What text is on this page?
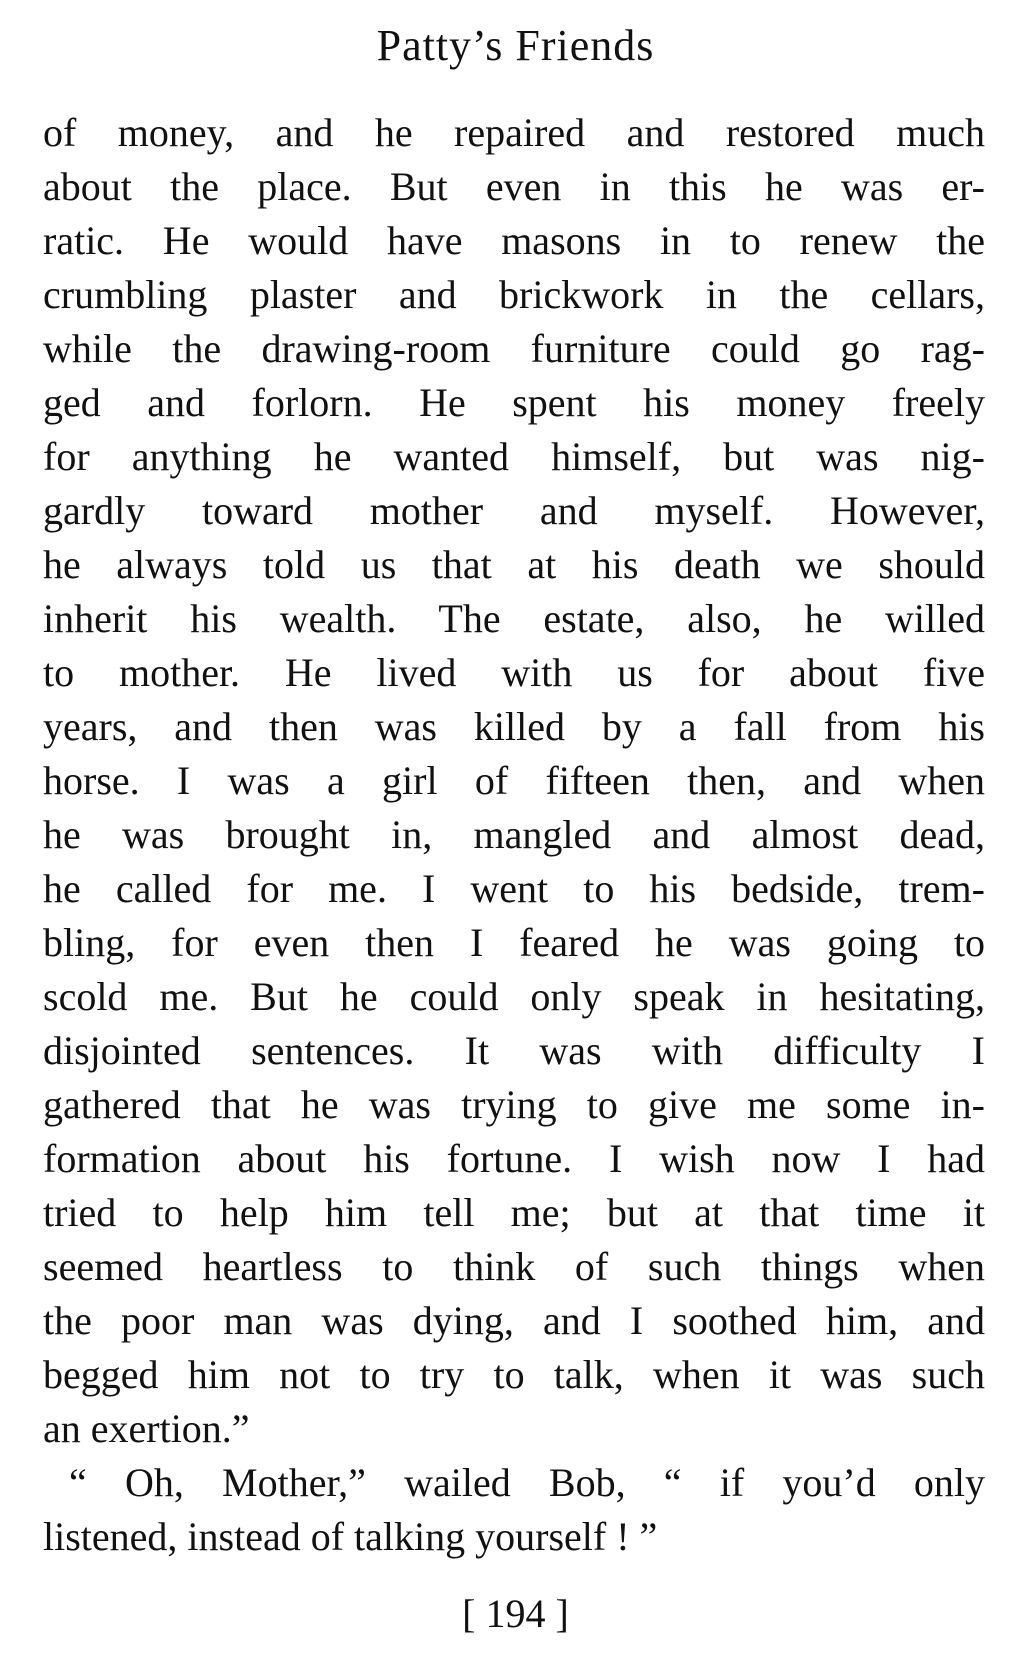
Patty’s Friends
of money, and he repaired and restored much
about the place. But even in this he was er-
ratic. He would have masons in to renew the
crumbling plaster and brickwork in the cellars,
while the drawing-room furniture could go rag-
ged and forlorn. He spent his money freely
for anything he wanted himself, but was nig-
gardly toward mother and myself. However,
he always told us that at his death we should
inherit his wealth. The estate, also, he willed
to mother. He lived with us for about five
years, and then was killed by a fall from his
horse. I was a girl of fifteen then, and when
he was brought in, mangled and almost dead,
he called for me. I went to his bedside, trem-
bling, for even then I feared he was going to
scold me. But he could only speak in hesitating,
disjointed sentences. It was with difficulty I
gathered that he was trying to give me some in-
formation about his fortune. I wish now I had
tried to help him tell me; but at that time it
seemed heartless to think of such things when
the poor man was dying, and I soothed him, and
begged him not to try to talk, when it was such
an exertion.”
“ Oh, Mother,” wailed Bob, “ if you’d only
listened, instead of talking yourself ! ”
[ 194 ]
